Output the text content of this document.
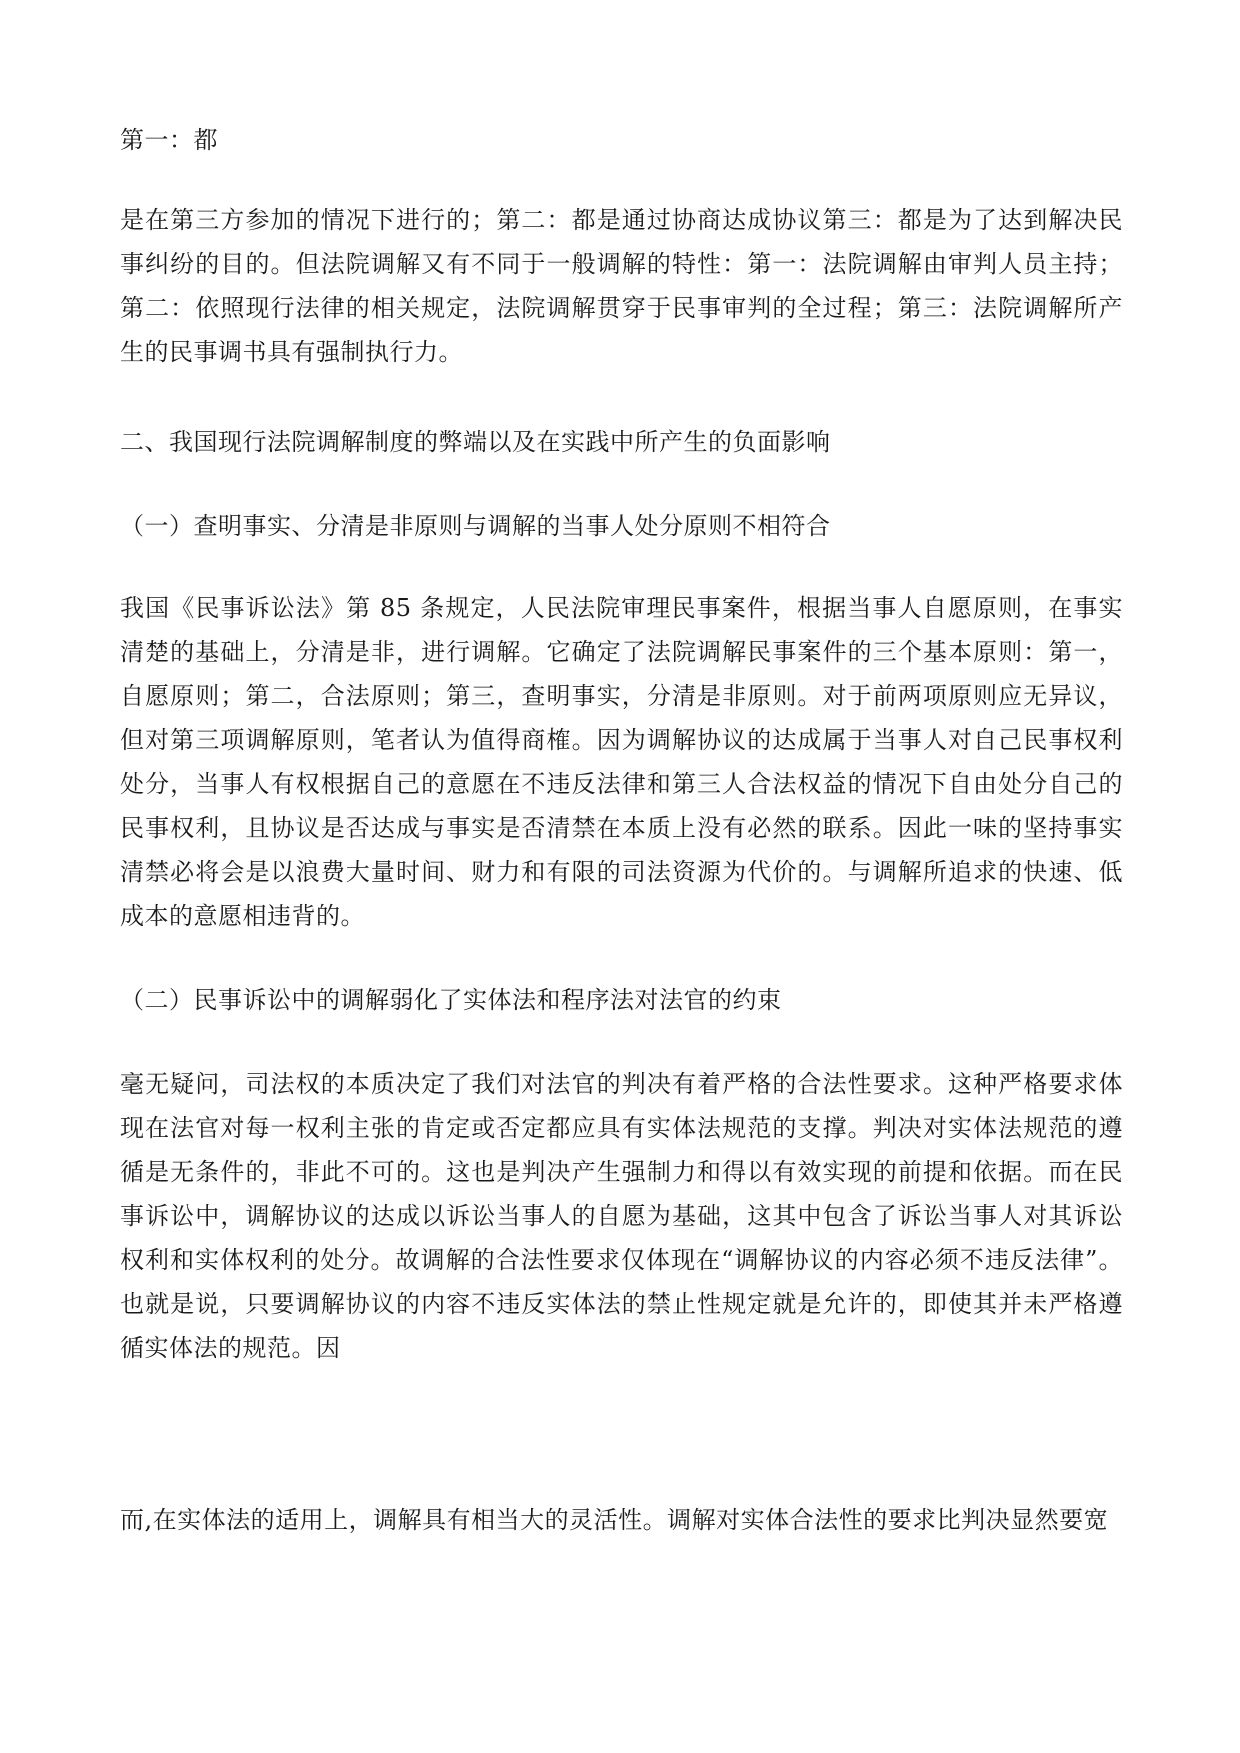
第一：都

是在第三方参加的情况下进行的；第二：都是通过协商达成协议第三：都是为了达到解决民事纠纷的目的。但法院调解又有不同于一般调解的特性：第一：法院调解由审判人员主持；第二：依照现行法律的相关规定，法院调解贯穿于民事审判的全过程；第三：法院调解所产生的民事调书具有强制执行力。

二、我国现行法院调解制度的弊端以及在实践中所产生的负面影响

（一）查明事实、分清是非原则与调解的当事人处分原则不相符合

我国《民事诉讼法》第 85 条规定，人民法院审理民事案件，根据当事人自愿原则，在事实清楚的基础上，分清是非，进行调解。它确定了法院调解民事案件的三个基本原则：第一，自愿原则；第二，合法原则；第三，查明事实，分清是非原则。对于前两项原则应无异议，但对第三项调解原则，笔者认为值得商榷。因为调解协议的达成属于当事人对自己民事权利处分，当事人有权根据自己的意愿在不违反法律和第三人合法权益的情况下自由处分自己的民事权利，且协议是否达成与事实是否清禁在本质上没有必然的联系。因此一味的坚持事实清禁必将会是以浪费大量时间、财力和有限的司法资源为代价的。与调解所追求的快速、低成本的意愿相违背的。

（二）民事诉讼中的调解弱化了实体法和程序法对法官的约束

毫无疑问，司法权的本质决定了我们对法官的判决有着严格的合法性要求。这种严格要求体现在法官对每一权利主张的肯定或否定都应具有实体法规范的支撑。判决对实体法规范的遵循是无条件的，非此不可的。这也是判决产生强制力和得以有效实现的前提和依据。而在民事诉讼中，调解协议的达成以诉讼当事人的自愿为基础，这其中包含了诉讼当事人对其诉讼权利和实体权利的处分。故调解的合法性要求仅体现在“调解协议的内容必须不违反法律”。也就是说，只要调解协议的内容不违反实体法的禁止性规定就是允许的，即使其并未严格遵循实体法的规范。因

而,在实体法的适用上，调解具有相当大的灵活性。调解对实体合法性的要求比判决显然要宽
